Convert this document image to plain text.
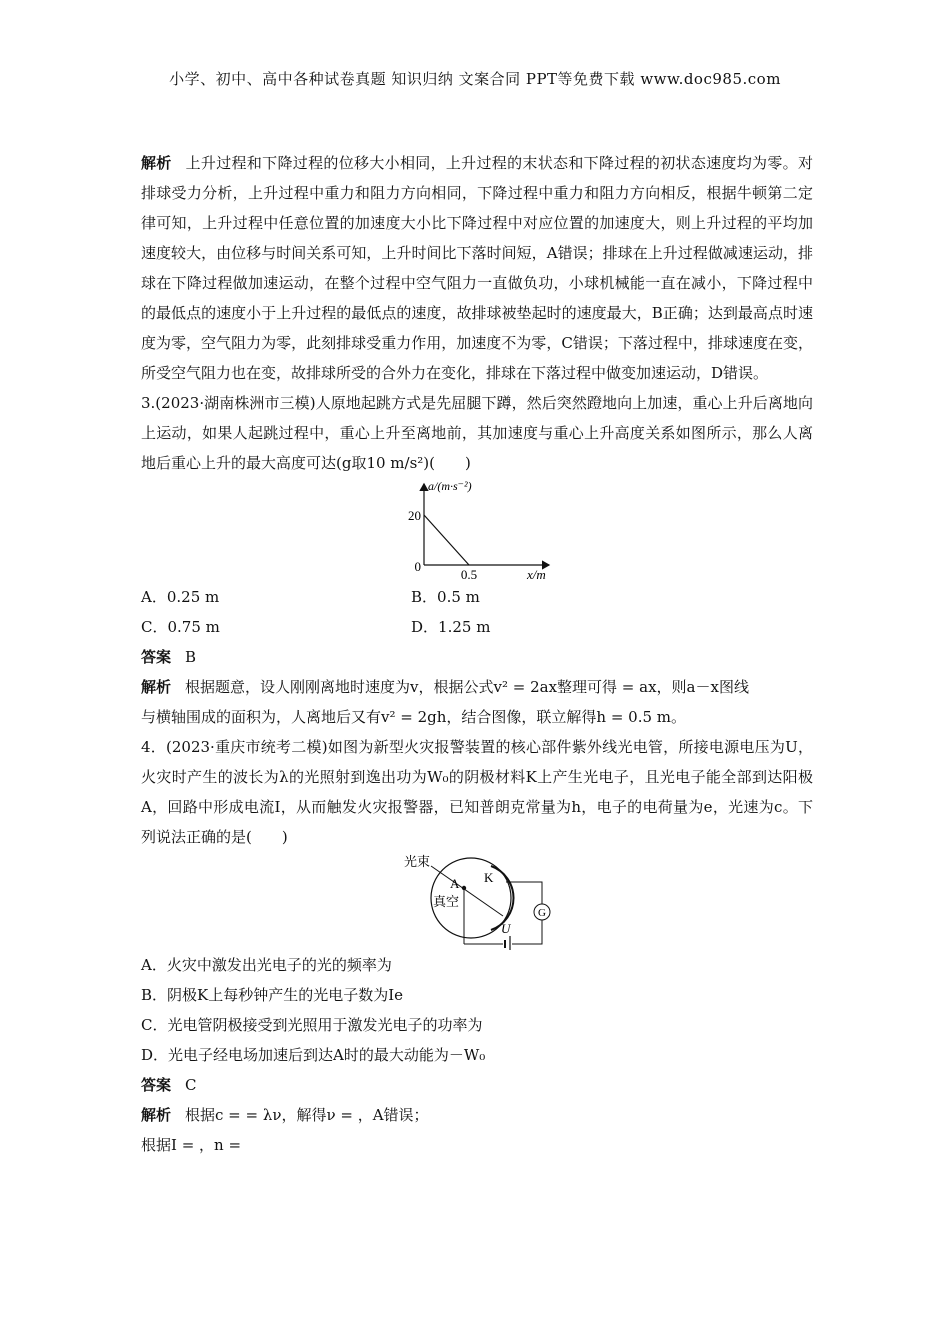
小学、初中、高中各种试卷真题 知识归纳 文案合同 PPT等免费下载 www.doc985.com

解析 上升过程和下降过程的位移大小相同，上升过程的末状态和下降过程的初状态速度均为零。对排球受力分析，上升过程中重力和阻力方向相同，下降过程中重力和阻力方向相反，根据牛顿第二定律可知，上升过程中任意位置的加速度大小比下降过程中对应位置的加速度大，则上升过程的平均加速度较大，由位移与时间关系可知，上升时间比下落时间短，A错误；排球在上升过程做减速运动，排球在下降过程做加速运动，在整个过程中空气阻力一直做负功，小球机械能一直在减小，下降过程中的最低点的速度小于上升过程的最低点的速度，故排球被垫起时的速度最大，B正确；达到最高点时速度为零，空气阻力为零，此刻排球受重力作用，加速度不为零，C错误；下落过程中，排球速度在变，所受空气阻力也在变，故排球所受的合外力在变化，排球在下落过程中做变加速运动，D错误。

3.(2023·湖南株洲市三模)人原地起跳方式是先屈腿下蹲，然后突然蹬地向上加速，重心上升后离地向上运动，如果人起跳过程中，重心上升至离地前，其加速度与重心上升高度关系如图所示，那么人离地后重心上升的最大高度可达(g取10 m/s²)(　　)

a/(m·s⁻²)
20
0
0.5	x/m
A．0.25 m	B．0.5 m
C．0.75 m	D．1.25 m

答案 B

解析 根据题意，设人刚刚离地时速度为v，根据公式v² = 2ax整理可得 = ax，则a－x图线

与横轴围成的面积为，人离地后又有v² = 2gh，结合图像，联立解得h = 0.5 m。

4．(2023·重庆市统考二模)如图为新型火灾报警装置的核心部件紫外线光电管，所接电源电压为U，火灾时产生的波长为λ的光照射到逸出功为W₀的阴极材料K上产生光电子，且光电子能全部到达阳极A，回路中形成电流I，从而触发火灾报警器，已知普朗克常量为h，电子的电荷量为e，光速为c。下列说法正确的是(　　)

光束
A
真空
K
G
U
A．火灾中激发出光电子的光的频率为
B．阴极K上每秒钟产生的光电子数为Ie
C．光电管阴极接受到光照用于激发光电子的功率为
D．光电子经电场加速后到达A时的最大动能为－W₀

答案 C

解析 根据c = = λν，解得ν = ，A错误；

根据I = ，n =
